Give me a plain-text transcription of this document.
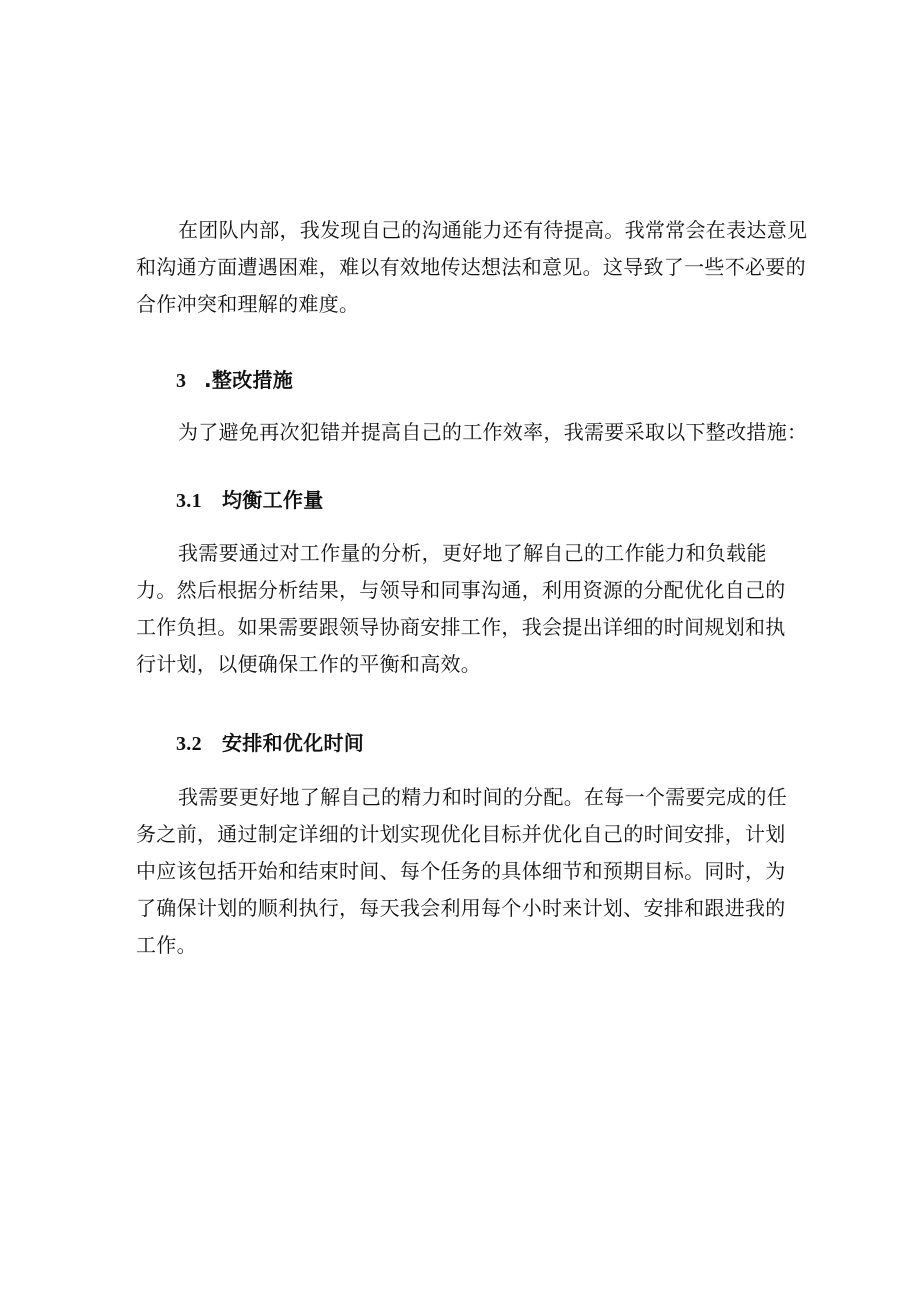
在团队内部，我发现自己的沟通能力还有待提高。我常常会在表达意见
和沟通方面遭遇困难，难以有效地传达想法和意见。这导致了一些不必要的
合作冲突和理解的难度。
3 .整改措施
为了避免再次犯错并提高自己的工作效率，我需要采取以下整改措施：
3.1 均衡工作量
我需要通过对工作量的分析，更好地了解自己的工作能力和负载能
力。然后根据分析结果，与领导和同事沟通，利用资源的分配优化自己的
工作负担。如果需要跟领导协商安排工作，我会提出详细的时间规划和执
行计划，以便确保工作的平衡和高效。
3.2 安排和优化时间
我需要更好地了解自己的精力和时间的分配。在每一个需要完成的任
务之前，通过制定详细的计划实现优化目标并优化自己的时间安排，计划
中应该包括开始和结束时间、每个任务的具体细节和预期目标。同时，为
了确保计划的顺利执行，每天我会利用每个小时来计划、安排和跟进我的
工作。
